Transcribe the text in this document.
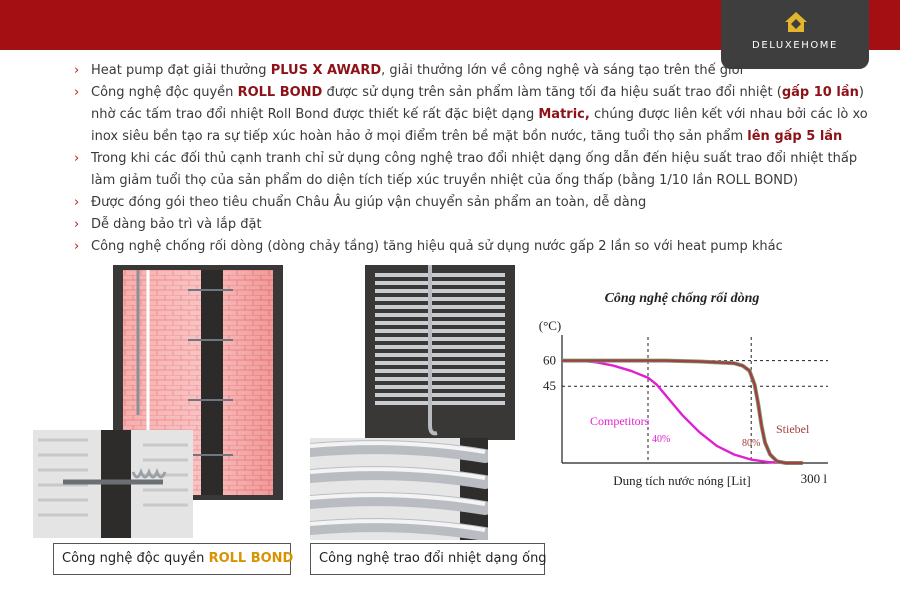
DELUXEHOME
› Heat pump đạt giải thưởng PLUS X AWARD, giải thưởng lớn về công nghệ và sáng tạo trên thế giới
› Công nghệ độc quyền ROLL BOND được sử dụng trên sản phẩm làm tăng tối đa hiệu suất trao đổi nhiệt (gấp 10 lần)
nhờ các tấm trao đổi nhiệt Roll Bond được thiết kế rất đặc biệt dạng Matric, chúng được liên kết với nhau bởi các lò xo
inox siêu bền tạo ra sự tiếp xúc hoàn hảo ở mọi điểm trên bề mặt bồn nước, tăng tuổi thọ sản phẩm lên gấp 5 lần
› Trong khi các đối thủ cạnh tranh chỉ sử dụng công nghệ trao đổi nhiệt dạng ống dẫn đến hiệu suất trao đổi nhiệt thấp
làm giảm tuổi thọ của sản phẩm do diện tích tiếp xúc truyền nhiệt của ống thấp (bằng 1/10 lần ROLL BOND)
› Được đóng gói theo tiêu chuẩn Châu Âu giúp vận chuyển sản phẩm an toàn, dễ dàng
› Dễ dàng bảo trì và lắp đặt
› Công nghệ chống rối dòng (dòng chảy tầng) tăng hiệu quả sử dụng nước gấp 2 lần so với heat pump khác
Công nghệ độc quyền ROLL BOND	Công nghệ trao đổi nhiệt dạng ống
Công nghệ chống rối dòng
(°C)
60
45
Competitors
40%
Stiebel
80%
Dung tích nước nóng [Lit]	300 l
